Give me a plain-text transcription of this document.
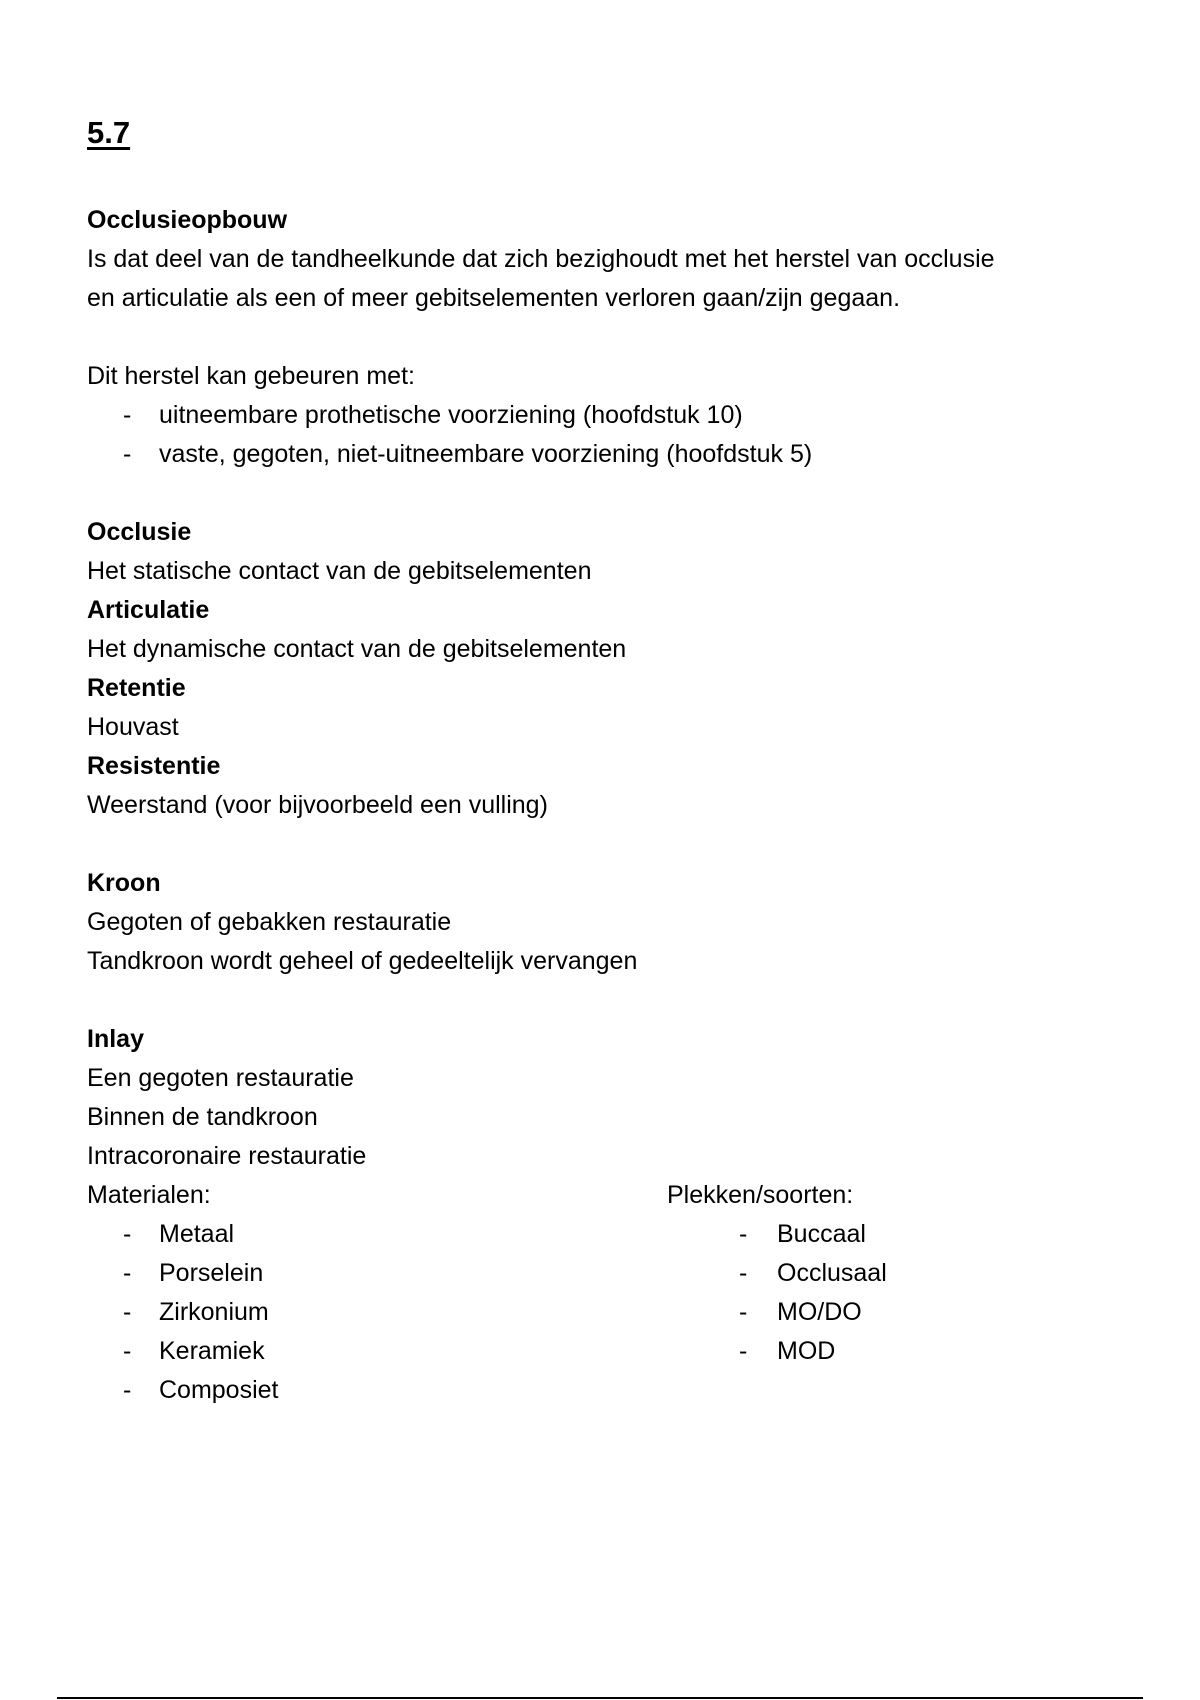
5.7

Occlusieopbouw

Is dat deel van de tandheelkunde dat zich bezighoudt met het herstel van occlusie

en articulatie als een of meer gebitselementen verloren gaan/zijn gegaan.

Dit herstel kan gebeuren met:

- uitneembare prothetische voorziening (hoofdstuk 10)
- vaste, gegoten, niet-uitneembare voorziening (hoofdstuk 5)

Occlusie

Het statische contact van de gebitselementen

Articulatie

Het dynamische contact van de gebitselementen

Retentie

Houvast

Resistentie

Weerstand (voor bijvoorbeeld een vulling)

Kroon

Gegoten of gebakken restauratie

Tandkroon wordt geheel of gedeeltelijk vervangen

Inlay

Een gegoten restauratie

Binnen de tandkroon

Intracoronaire restauratie

Materialen:

- Metaal
- Porselein
- Zirkonium
- Keramiek
- Composiet

Plekken/soorten:

- Buccaal
- Occlusaal
- MO/DO
- MOD
